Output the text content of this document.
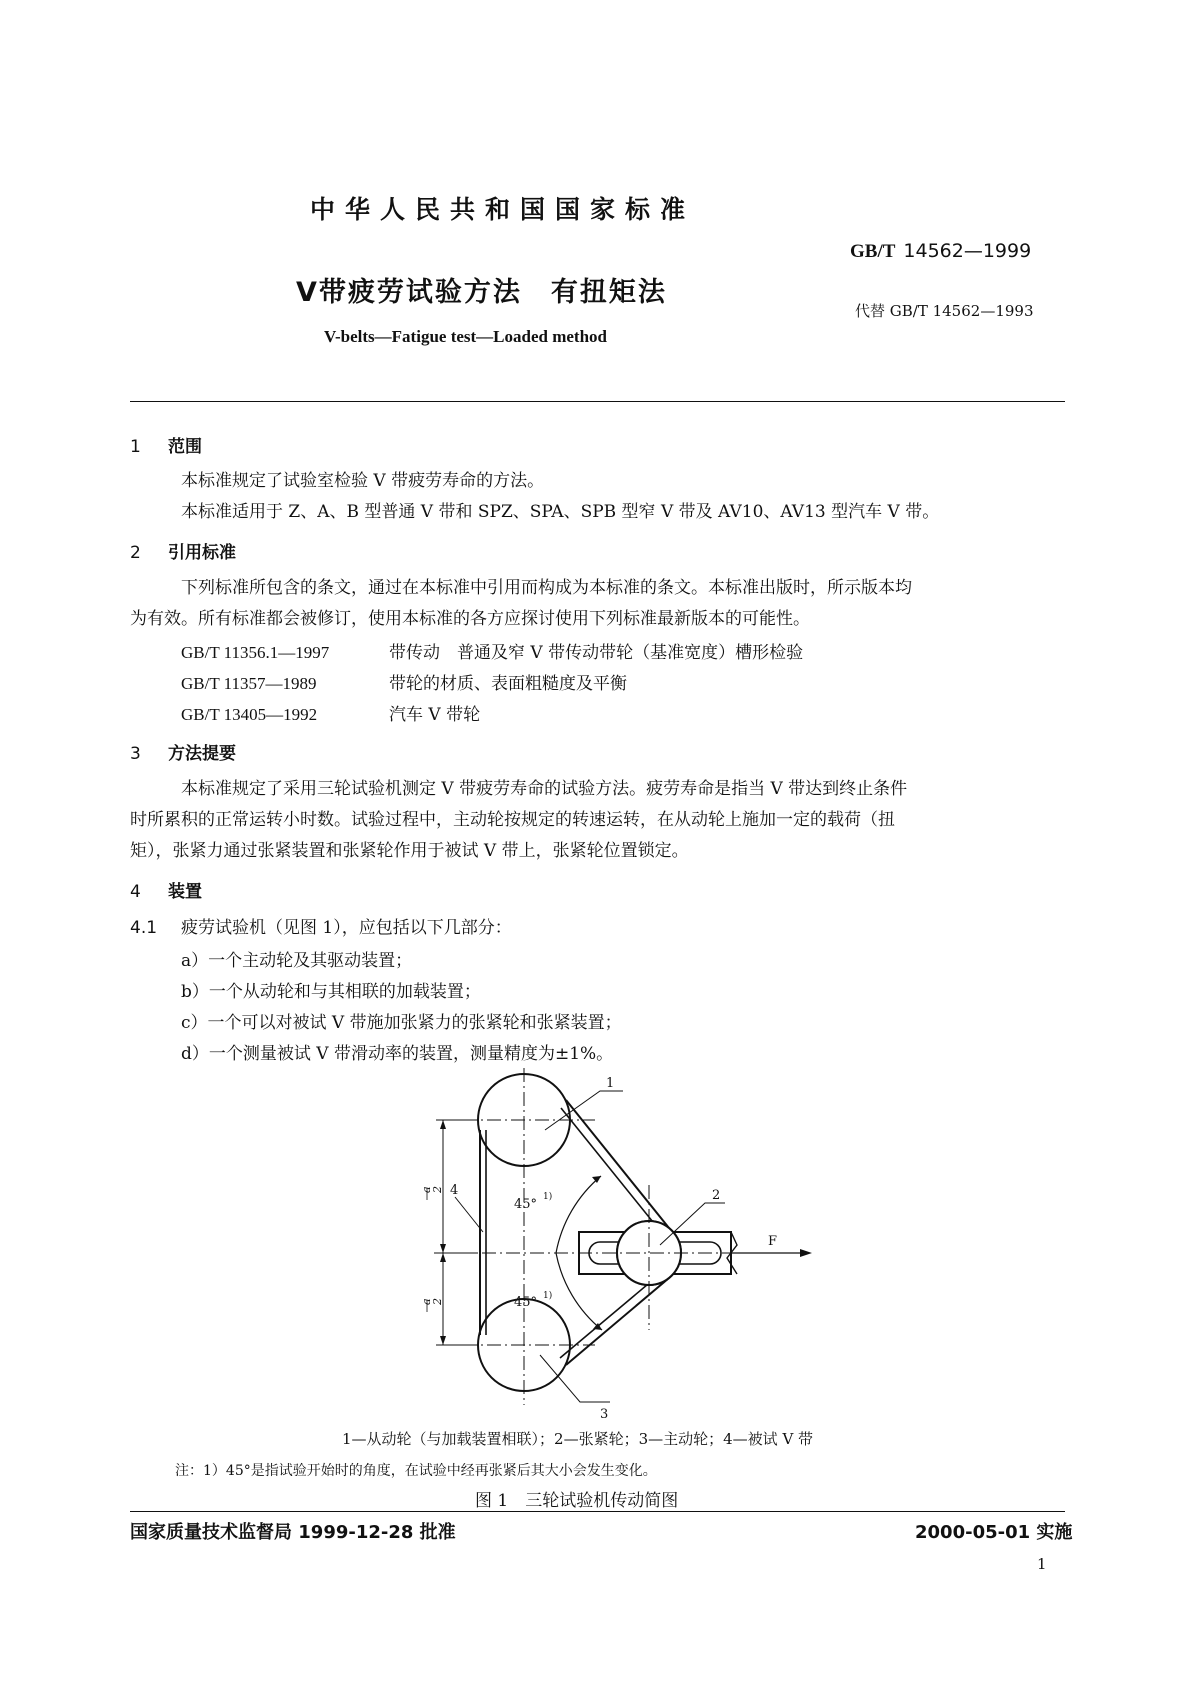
中华人民共和国国家标准
GB/T 14562—1999
V带疲劳试验方法　有扭矩法
代替 GB/T 14562—1993
V-belts—Fatigue test—Loaded method
1 范围
本标准规定了试验室检验 V 带疲劳寿命的方法。
本标准适用于 Z、A、B 型普通 V 带和 SPZ、SPA、SPB 型窄 V 带及 AV10、AV13 型汽车 V 带。
2 引用标准
下列标准所包含的条文，通过在本标准中引用而构成为本标准的条文。本标准出版时，所示版本均
为有效。所有标准都会被修订，使用本标准的各方应探讨使用下列标准最新版本的可能性。
GB/T 11356.1—1997	带传动　普通及窄 V 带传动带轮（基准宽度）槽形检验
GB/T 11357—1989	带轮的材质、表面粗糙度及平衡
GB/T 13405—1992	汽车 V 带轮
3 方法提要
本标准规定了采用三轮试验机测定 V 带疲劳寿命的试验方法。疲劳寿命是指当 V 带达到终止条件
时所累积的正常运转小时数。试验过程中，主动轮按规定的转速运转，在从动轮上施加一定的载荷（扭
矩），张紧力通过张紧装置和张紧轮作用于被试 V 带上，张紧轮位置锁定。
4 装置
4.1 疲劳试验机（见图 1），应包括以下几部分：
a）一个主动轮及其驱动装置；
b）一个从动轮和与其相联的加载装置；
c）一个可以对被试 V 带施加张紧力的张紧轮和张紧装置；
d）一个测量被试 V 带滑动率的装置，测量精度为±1%。
1
2
3
4
F
45°
45°
1)
1)
a
2
a
2
1—从动轮（与加载装置相联）；2—张紧轮；3—主动轮；4—被试 V 带
注：1）45°是指试验开始时的角度，在试验中经再张紧后其大小会发生变化。
图 1　三轮试验机传动简图
国家质量技术监督局 1999-12-28 批准	2000-05-01 实施
1
